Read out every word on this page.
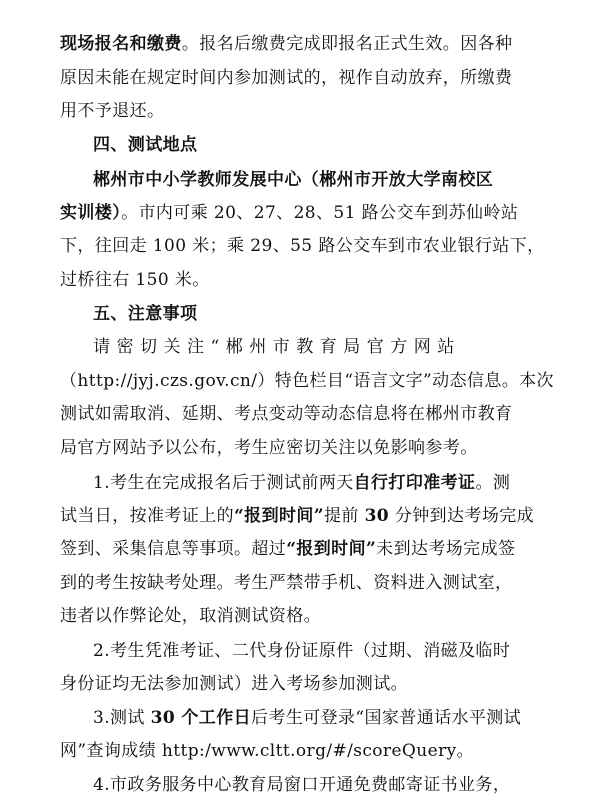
现场报名和缴费。报名后缴费完成即报名正式生效。因各种
原因未能在规定时间内参加测试的，视作自动放弃，所缴费
用不予退还。
四、测试地点
郴州市中小学教师发展中心（郴州市开放大学南校区
实训楼）。市内可乘 20、27、28、51 路公交车到苏仙岭站
下，往回走 100 米；乘 29、55 路公交车到市农业银行站下，
过桥往右 150 米。
五、注意事项
请密切关注“郴州市教育局官方网站
（http://jyj.czs.gov.cn/）特色栏目“语言文字”动态信息。本次
测试如需取消、延期、考点变动等动态信息将在郴州市教育
局官方网站予以公布，考生应密切关注以免影响参考。
1.考生在完成报名后于测试前两天自行打印准考证。测
试当日，按准考证上的“报到时间”提前 30 分钟到达考场完成
签到、采集信息等事项。超过“报到时间”未到达考场完成签
到的考生按缺考处理。考生严禁带手机、资料进入测试室，
违者以作弊论处，取消测试资格。
2.考生凭准考证、二代身份证原件（过期、消磁及临时
身份证均无法参加测试）进入考场参加测试。
3.测试 30 个工作日后考生可登录“国家普通话水平测试
网”查询成绩 http:/www.cltt.org/#/scoreQuery。
4.市政务服务中心教育局窗口开通免费邮寄证书业务，
